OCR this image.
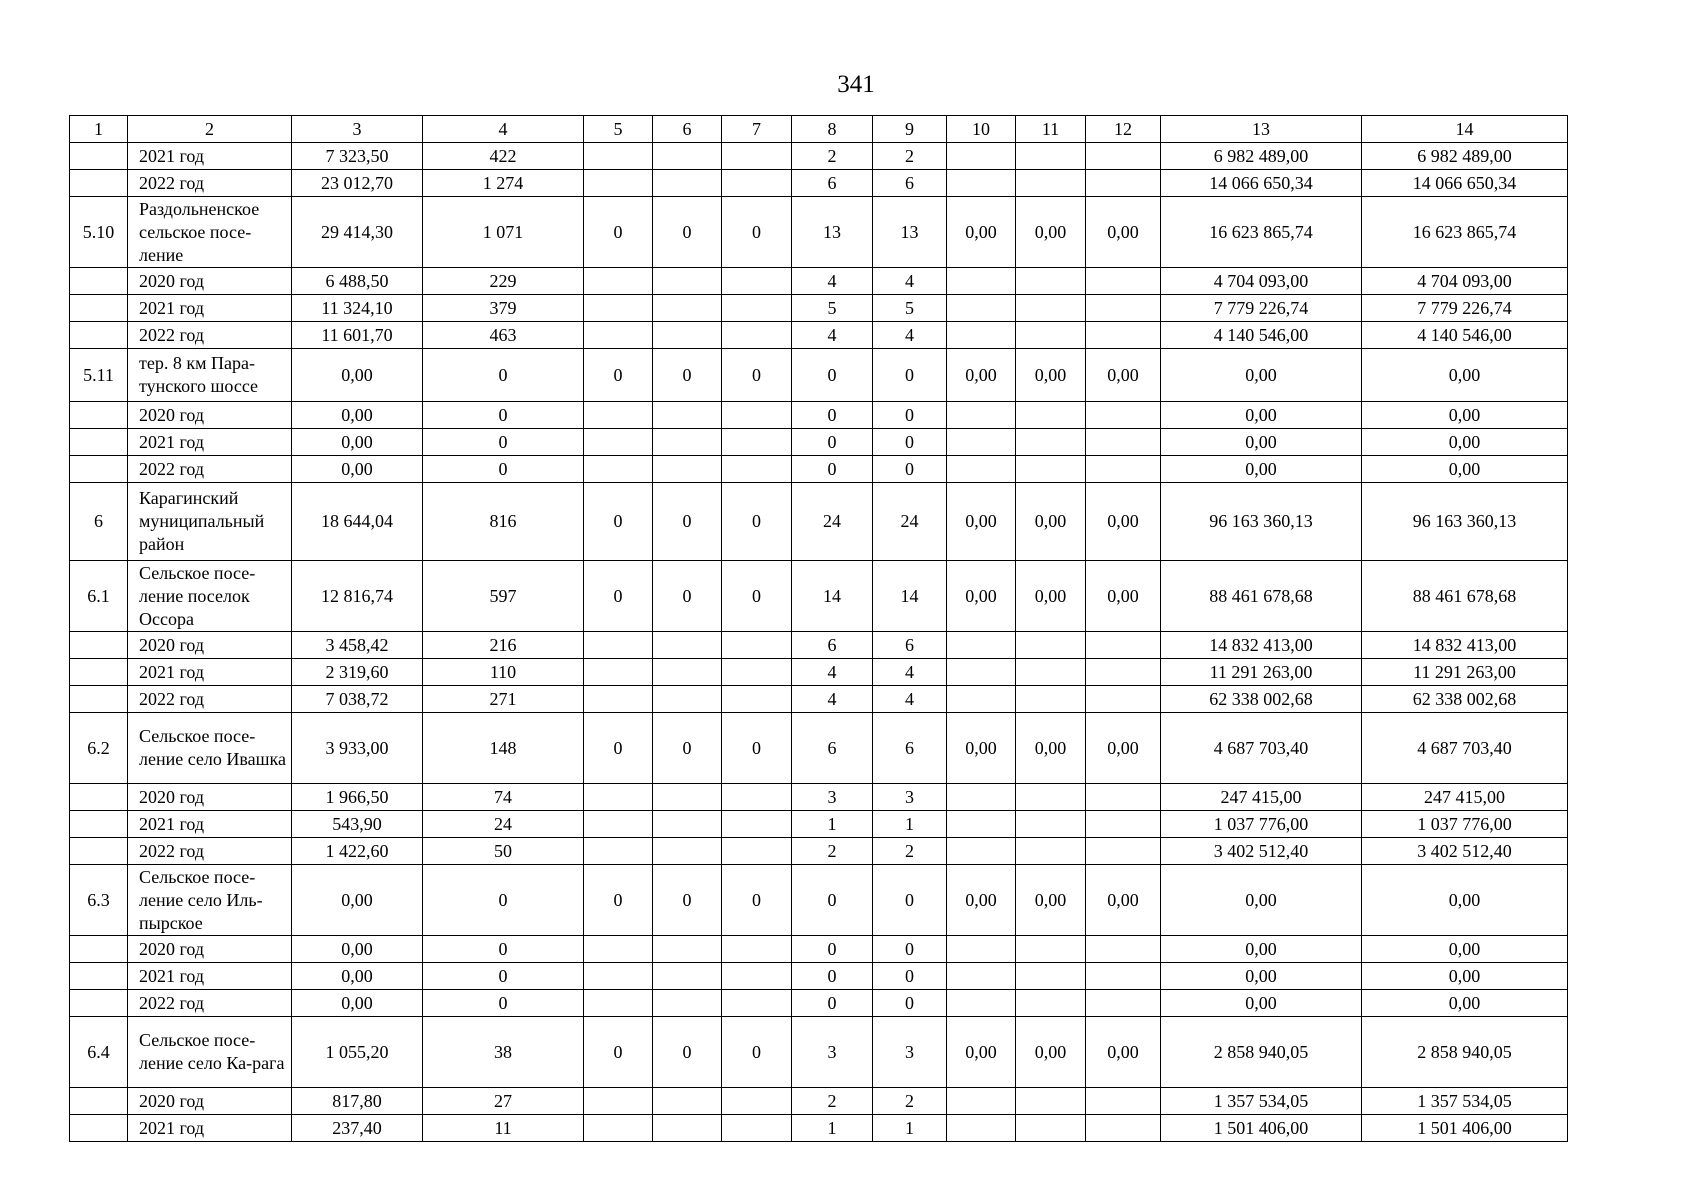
341
1	2	3	4	5	6	7	8	9	10	11	12	13	14
	2021 год	7 323,50	422				2	2				6 982 489,00	6 982 489,00
	2022 год	23 012,70	1 274				6	6				14 066 650,34	14 066 650,34
5.10	Раздольненское сельское посе-ление	29 414,30	1 071	0	0	0	13	13	0,00	0,00	0,00	16 623 865,74	16 623 865,74
	2020 год	6 488,50	229				4	4				4 704 093,00	4 704 093,00
	2021 год	11 324,10	379				5	5				7 779 226,74	7 779 226,74
	2022 год	11 601,70	463				4	4				4 140 546,00	4 140 546,00
5.11	тер. 8 км Пара-тунского шоссе	0,00	0	0	0	0	0	0	0,00	0,00	0,00	0,00	0,00
	2020 год	0,00	0				0	0				0,00	0,00
	2021 год	0,00	0				0	0				0,00	0,00
	2022 год	0,00	0				0	0				0,00	0,00
6	Карагинский муниципальный район	18 644,04	816	0	0	0	24	24	0,00	0,00	0,00	96 163 360,13	96 163 360,13
6.1	Сельское посе-ление поселок Оссора	12 816,74	597	0	0	0	14	14	0,00	0,00	0,00	88 461 678,68	88 461 678,68
	2020 год	3 458,42	216				6	6				14 832 413,00	14 832 413,00
	2021 год	2 319,60	110				4	4				11 291 263,00	11 291 263,00
	2022 год	7 038,72	271				4	4				62 338 002,68	62 338 002,68
6.2	Сельское посе-ление село Ивашка	3 933,00	148	0	0	0	6	6	0,00	0,00	0,00	4 687 703,40	4 687 703,40
	2020 год	1 966,50	74				3	3				247 415,00	247 415,00
	2021 год	543,90	24				1	1				1 037 776,00	1 037 776,00
	2022 год	1 422,60	50				2	2				3 402 512,40	3 402 512,40
6.3	Сельское посе-ление село Иль-пырское	0,00	0	0	0	0	0	0	0,00	0,00	0,00	0,00	0,00
	2020 год	0,00	0				0	0				0,00	0,00
	2021 год	0,00	0				0	0				0,00	0,00
	2022 год	0,00	0				0	0				0,00	0,00
6.4	Сельское посе-ление село Ка-рага	1 055,20	38	0	0	0	3	3	0,00	0,00	0,00	2 858 940,05	2 858 940,05
	2020 год	817,80	27				2	2				1 357 534,05	1 357 534,05
	2021 год	237,40	11				1	1				1 501 406,00	1 501 406,00
